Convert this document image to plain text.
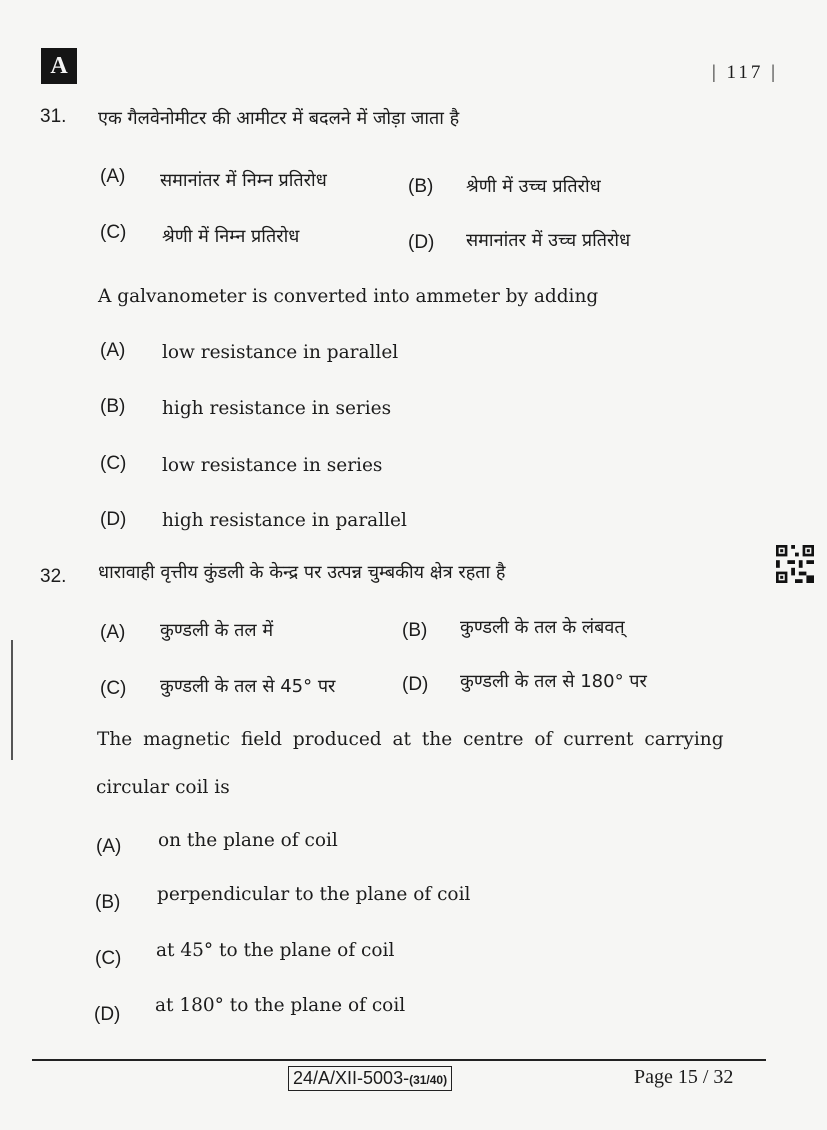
A	| 117 |
31. एक गैलवेनोमीटर की आमीटर में बदलने में जोड़ा जाता है
(A) समानांतर में निम्न प्रतिरोध	(B) श्रेणी में उच्च प्रतिरोध
(C) श्रेणी में निम्न प्रतिरोध	(D) समानांतर में उच्च प्रतिरोध
A galvanometer is converted into ammeter by adding
(A) low resistance in parallel
(B) high resistance in series
(C) low resistance in series
(D) high resistance in parallel
32. धारावाही वृत्तीय कुंडली के केन्द्र पर उत्पन्न चुम्बकीय क्षेत्र रहता है
(A) कुण्डली के तल में	(B) कुण्डली के तल के लंबवत्
(C) कुण्डली के तल से 45° पर	(D) कुण्डली के तल से 180° पर
The magnetic field produced at the centre of current carrying
circular coil is
(A) on the plane of coil
(B) perpendicular to the plane of coil
(C) at 45° to the plane of coil
(D) at 180° to the plane of coil
24/A/XII-5003-(31/40)	Page 15 / 32
